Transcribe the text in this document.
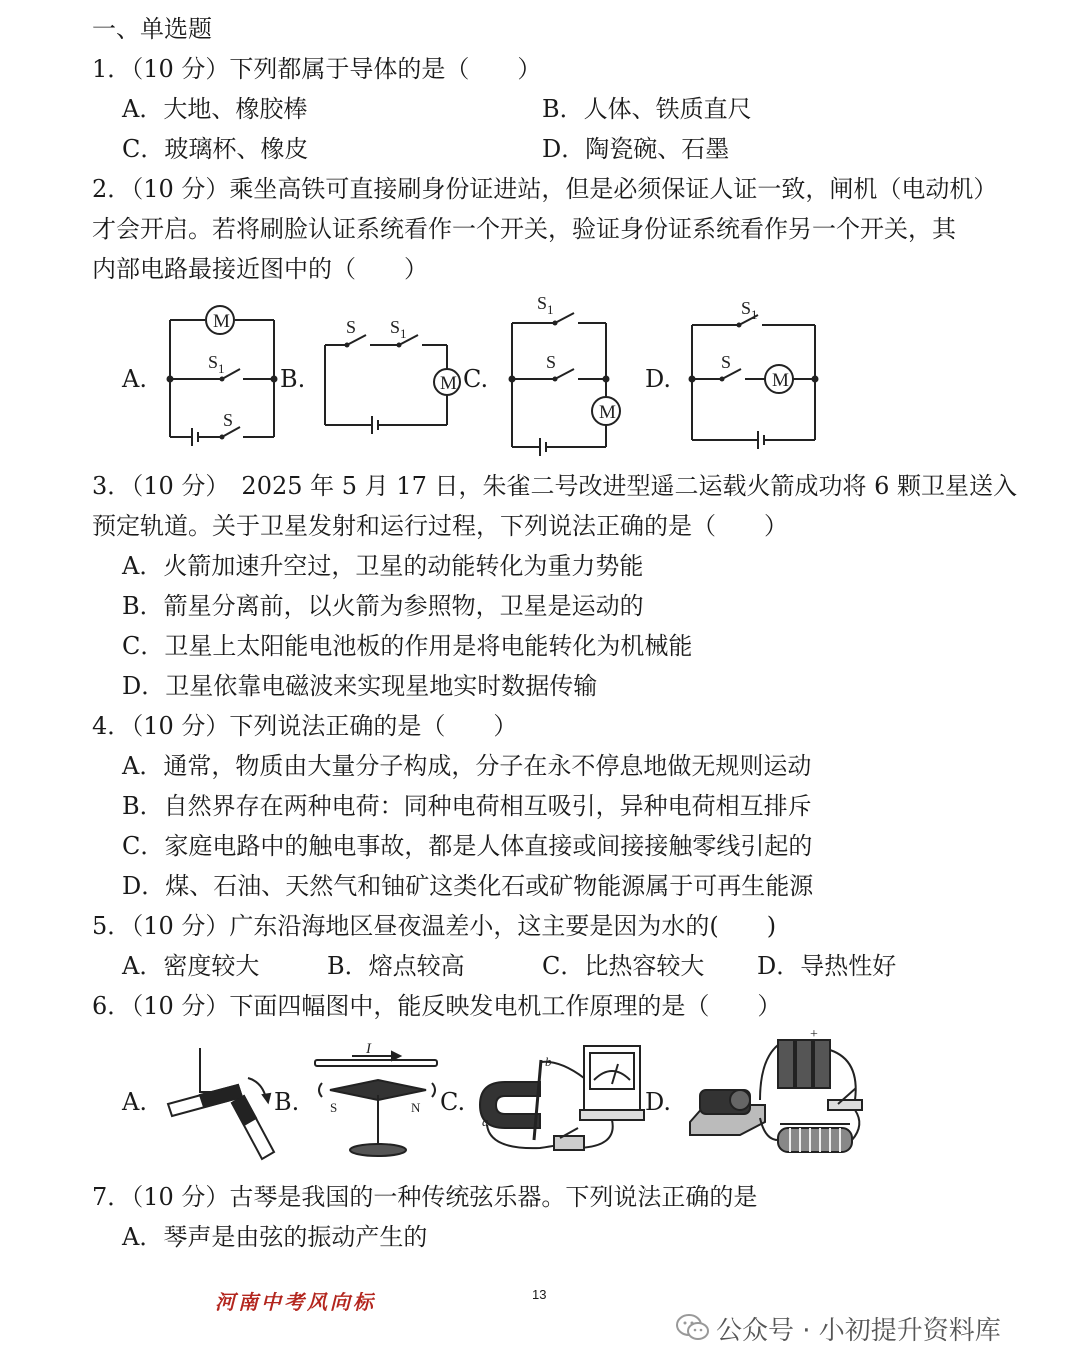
一、单选题
1．（10 分）下列都属于导体的是（　　）
A．大地、橡胶棒	B．人体、铁质直尺
C．玻璃杯、橡皮	D．陶瓷碗、石墨
2．（10 分）乘坐高铁可直接刷身份证进站，但是必须保证人证一致，闸机（电动机）
才会开启。若将刷脸认证系统看作一个开关，验证身份证系统看作另一个开关，其
内部电路最接近图中的（　　）
A.	B.	C.	D.
M
M
M
M
$S_1$
$S_1$
$S_1$	$S_1$
S
S
S	S
3．（10 分）　2025 年 5 月 17 日，朱雀二号改进型遥二运载火箭成功将 6 颗卫星送入
预定轨道。关于卫星发射和运行过程，下列说法正确的是（　　）
A．火箭加速升空过，卫星的动能转化为重力势能
B．箭星分离前，以火箭为参照物，卫星是运动的
C．卫星上太阳能电池板的作用是将电能转化为机械能
D．卫星依靠电磁波来实现星地实时数据传输
4．（10 分）下列说法正确的是（　　）
A．通常，物质由大量分子构成，分子在永不停息地做无规则运动
B．自然界存在两种电荷：同种电荷相互吸引，异种电荷相互排斥
C．家庭电路中的触电事故，都是人体直接或间接接触零线引起的
D．煤、石油、天然气和铀矿这类化石或矿物能源属于可再生能源
5．（10 分）广东沿海地区昼夜温差小，这主要是因为水的(　　)
A．密度较大	B．熔点较高	C．比热容较大 D．导热性好
6．（10 分）下面四幅图中，能反映发电机工作原理的是（　　）
A.	B.	C.	D.
I
S	N
a
b
+
7．（10 分）古琴是我国的一种传统弦乐器。下列说法正确的是
A．琴声是由弦的振动产生的
河南中考风向标	13
公众号 · 小初提升资料库
